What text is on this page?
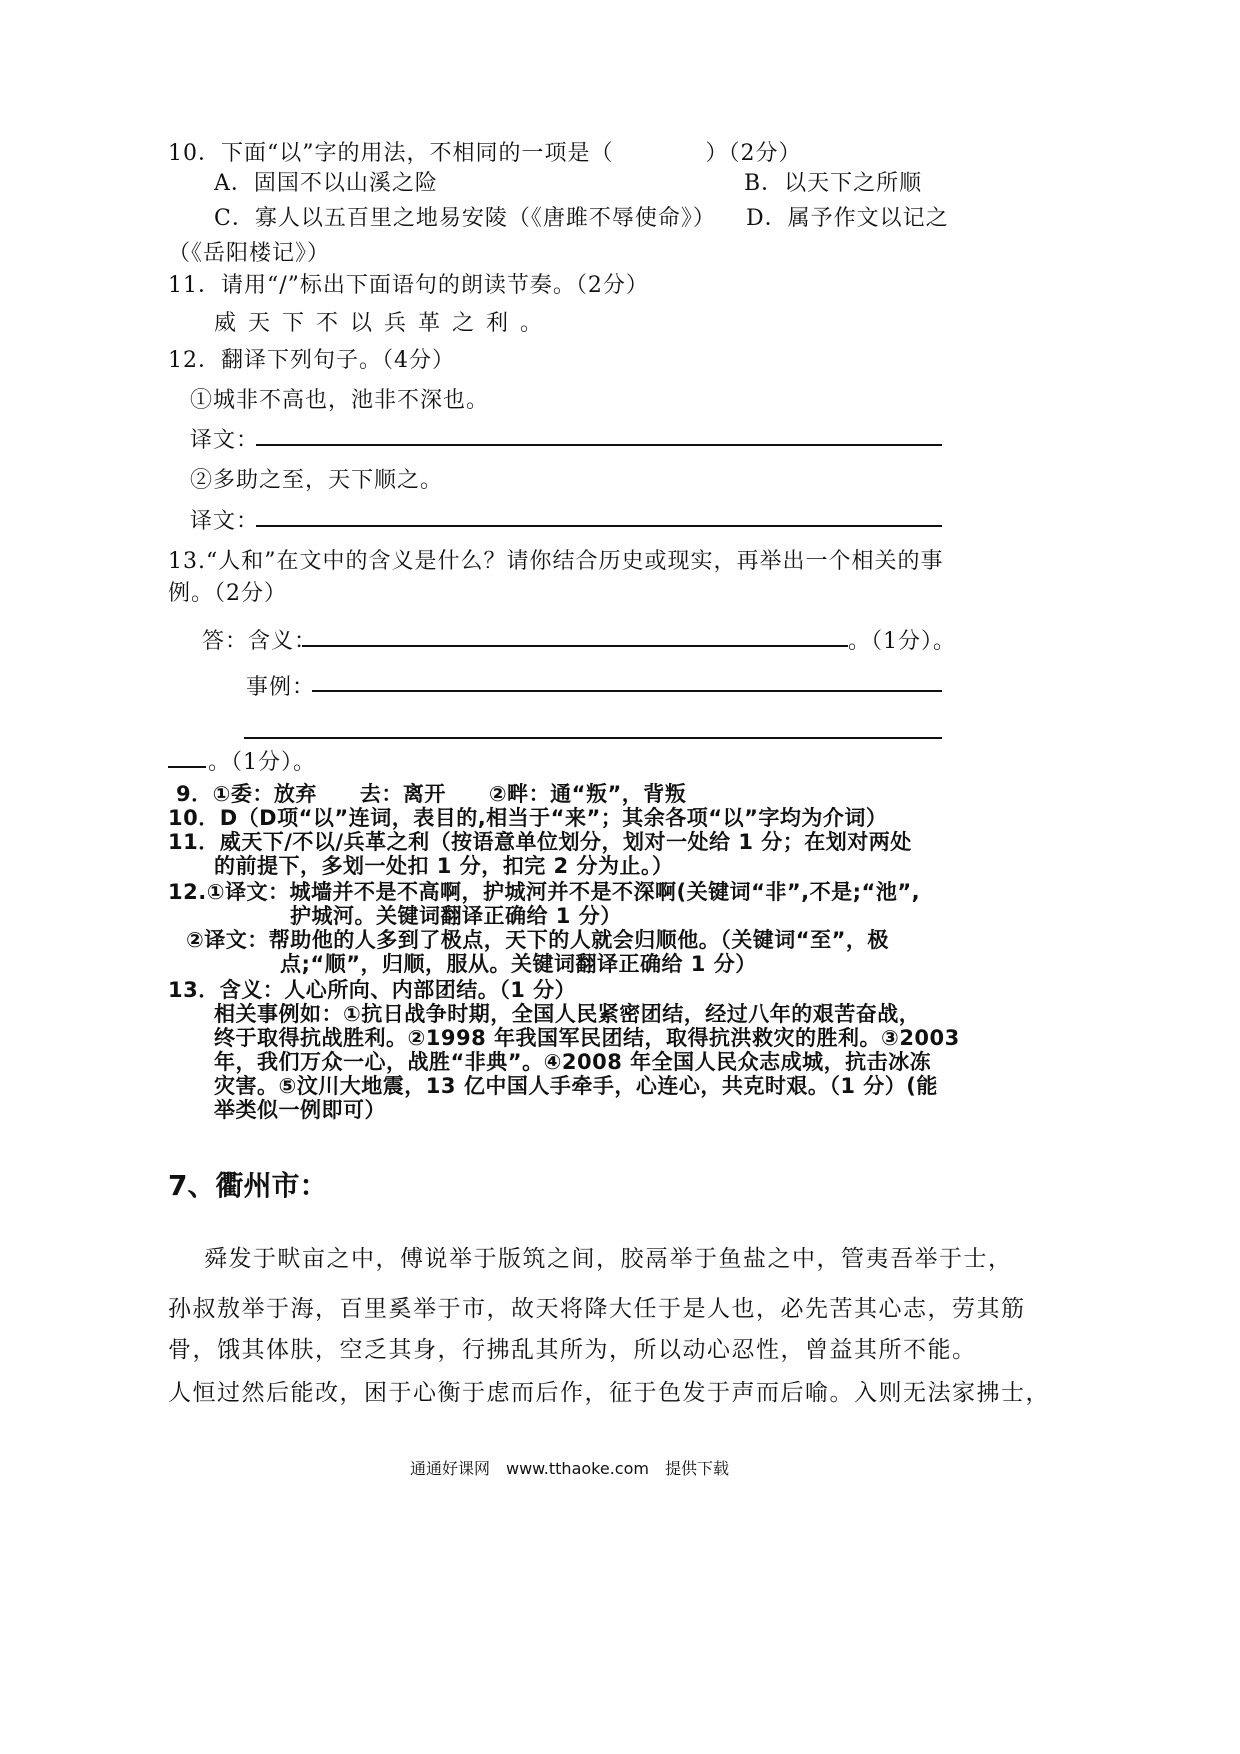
10．下面“以”字的用法，不相同的一项是（　　　　）（2分）
A．固国不以山溪之险	B．以天下之所顺
C．寡人以五百里之地易安陵（《唐雎不辱使命》） D．属予作文以记之
（《岳阳楼记》）
11．请用“/”标出下面语句的朗读节奏。（2分）
威天下不以兵革之利。
12．翻译下列句子。（4分）
①城非不高也，池非不深也。
译文：
②多助之至，天下顺之。
译文：
13.“人和”在文中的含义是什么？请你结合历史或现实，再举出一个相关的事
例。（2分）
答：含义：	。（1分）。
事例：
。（1分）。
9．①委：放弃　　去：离开　　②畔：通“叛”，背叛
10．D（D项“以”连词，表目的,相当于“来”；其余各项“以”字均为介词）
11．威天下/不以/兵革之利（按语意单位划分，划对一处给 1 分；在划对两处
的前提下，多划一处扣 1 分，扣完 2 分为止。）
12.①译文：城墙并不是不高啊，护城河并不是不深啊(关键词“非”,不是;“池”,
护城河。关键词翻译正确给 1 分）
②译文：帮助他的人多到了极点，天下的人就会归顺他。（关键词“至”，极
点;“顺”，归顺，服从。关键词翻译正确给 1 分）
13．含义：人心所向、内部团结。（1 分）
相关事例如：①抗日战争时期，全国人民紧密团结，经过八年的艰苦奋战，
终于取得抗战胜利。②1998 年我国军民团结，取得抗洪救灾的胜利。③2003
年，我们万众一心，战胜“非典”。④2008 年全国人民众志成城，抗击冰冻
灾害。⑤汶川大地震，13 亿中国人手牵手，心连心，共克时艰。（1 分）(能
举类似一例即可）
7、衢州市：
舜发于畎亩之中，傅说举于版筑之间，胶鬲举于鱼盐之中，管夷吾举于士，
孙叔敖举于海，百里奚举于市，故天将降大任于是人也，必先苦其心志，劳其筋
骨，饿其体肤，空乏其身，行拂乱其所为，所以动心忍性，曾益其所不能。
人恒过然后能改，困于心衡于虑而后作，征于色发于声而后喻。入则无法家拂士，
通通好课网　www.tthaoke.com　提供下载
